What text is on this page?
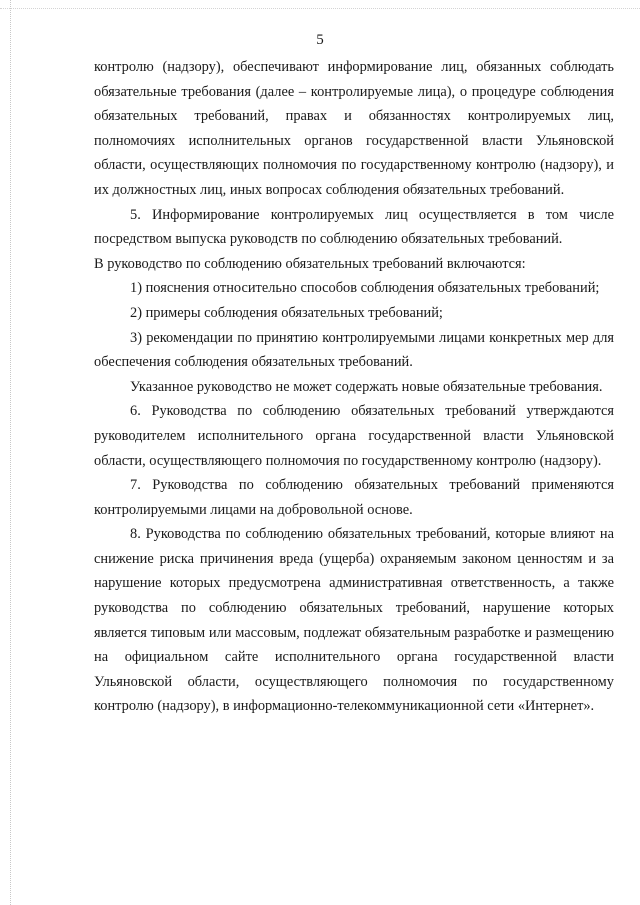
5

контролю (надзору), обеспечивают информирование лиц, обязанных соблюдать обязательные требования (далее – контролируемые лица), о процедуре соблюдения обязательных требований, правах и обязанностях контролируемых лиц, полномочиях исполнительных органов государственной власти Ульяновской области, осуществляющих полномочия по государственному контролю (надзору), и их должностных лиц, иных вопросах соблюдения обязательных требований.

5. Информирование контролируемых лиц осуществляется в том числе посредством выпуска руководств по соблюдению обязательных требований.

В руководство по соблюдению обязательных требований включаются:

1) пояснения относительно способов соблюдения обязательных требований;

2) примеры соблюдения обязательных требований;

3) рекомендации по принятию контролируемыми лицами конкретных мер для обеспечения соблюдения обязательных требований.

Указанное руководство не может содержать новые обязательные требования.

6. Руководства по соблюдению обязательных требований утверждаются руководителем исполнительного органа государственной власти Ульяновской области, осуществляющего полномочия по государственному контролю (надзору).

7. Руководства по соблюдению обязательных требований применяются контролируемыми лицами на добровольной основе.

8. Руководства по соблюдению обязательных требований, которые влияют на снижение риска причинения вреда (ущерба) охраняемым законом ценностям и за нарушение которых предусмотрена административная ответственность, а также руководства по соблюдению обязательных требований, нарушение которых является типовым или массовым, подлежат обязательным разработке и размещению на официальном сайте исполнительного органа государственной власти Ульяновской области, осуществляющего полномочия по государственному контролю (надзору), в информационно-телекоммуникационной сети «Интернет».
